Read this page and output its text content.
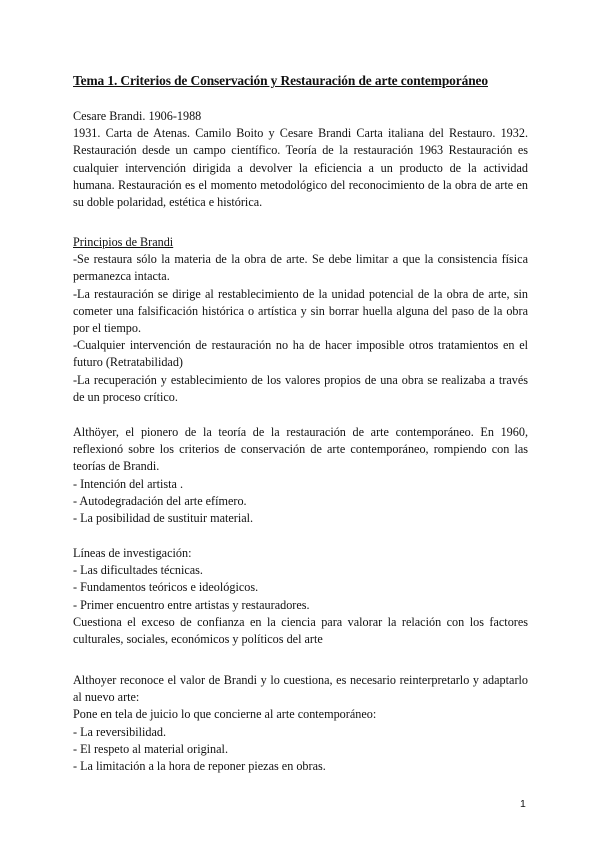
Tema 1. Criterios de Conservación y Restauración de arte contemporáneo

Cesare Brandi. 1906-1988

1931. Carta de Atenas. Camilo Boito y Cesare Brandi Carta italiana del Restauro. 1932. Restauración desde un campo científico. Teoría de la restauración 1963 Restauración es cualquier intervención dirigida a devolver la eficiencia a un producto de la actividad humana. Restauración es el momento metodológico del reconocimiento de la obra de arte en su doble polaridad, estética e histórica.

Principios de Brandi

-Se restaura sólo la materia de la obra de arte. Se debe limitar a que la consistencia física permanezca intacta.

-La restauración se dirige al restablecimiento de la unidad potencial de la obra de arte, sin cometer una falsificación histórica o artística y sin borrar huella alguna del paso de la obra por el tiempo.

-Cualquier intervención de restauración no ha de hacer imposible otros tratamientos en el futuro (Retratabilidad)

-La recuperación y establecimiento de los valores propios de una obra se realizaba a través de un proceso crítico.

Althöyer, el pionero de la teoría de la restauración de arte contemporáneo. En 1960, reflexionó sobre los criterios de conservación de arte contemporáneo, rompiendo con las teorías de Brandi.

- Intención del artista .

- Autodegradación del arte efímero.

- La posibilidad de sustituir material.

Líneas de investigación:

- Las dificultades técnicas.

- Fundamentos teóricos e ideológicos.

- Primer encuentro entre artistas y restauradores.

Cuestiona el exceso de confianza en la ciencia para valorar la relación con los factores culturales, sociales, económicos y políticos del arte

Althoyer reconoce el valor de Brandi y lo cuestiona, es necesario reinterpretarlo y adaptarlo al nuevo arte:

Pone en tela de juicio lo que concierne al arte contemporáneo:

- La reversibilidad.

- El respeto al material original.

- La limitación a la hora de reponer piezas en obras.

1
